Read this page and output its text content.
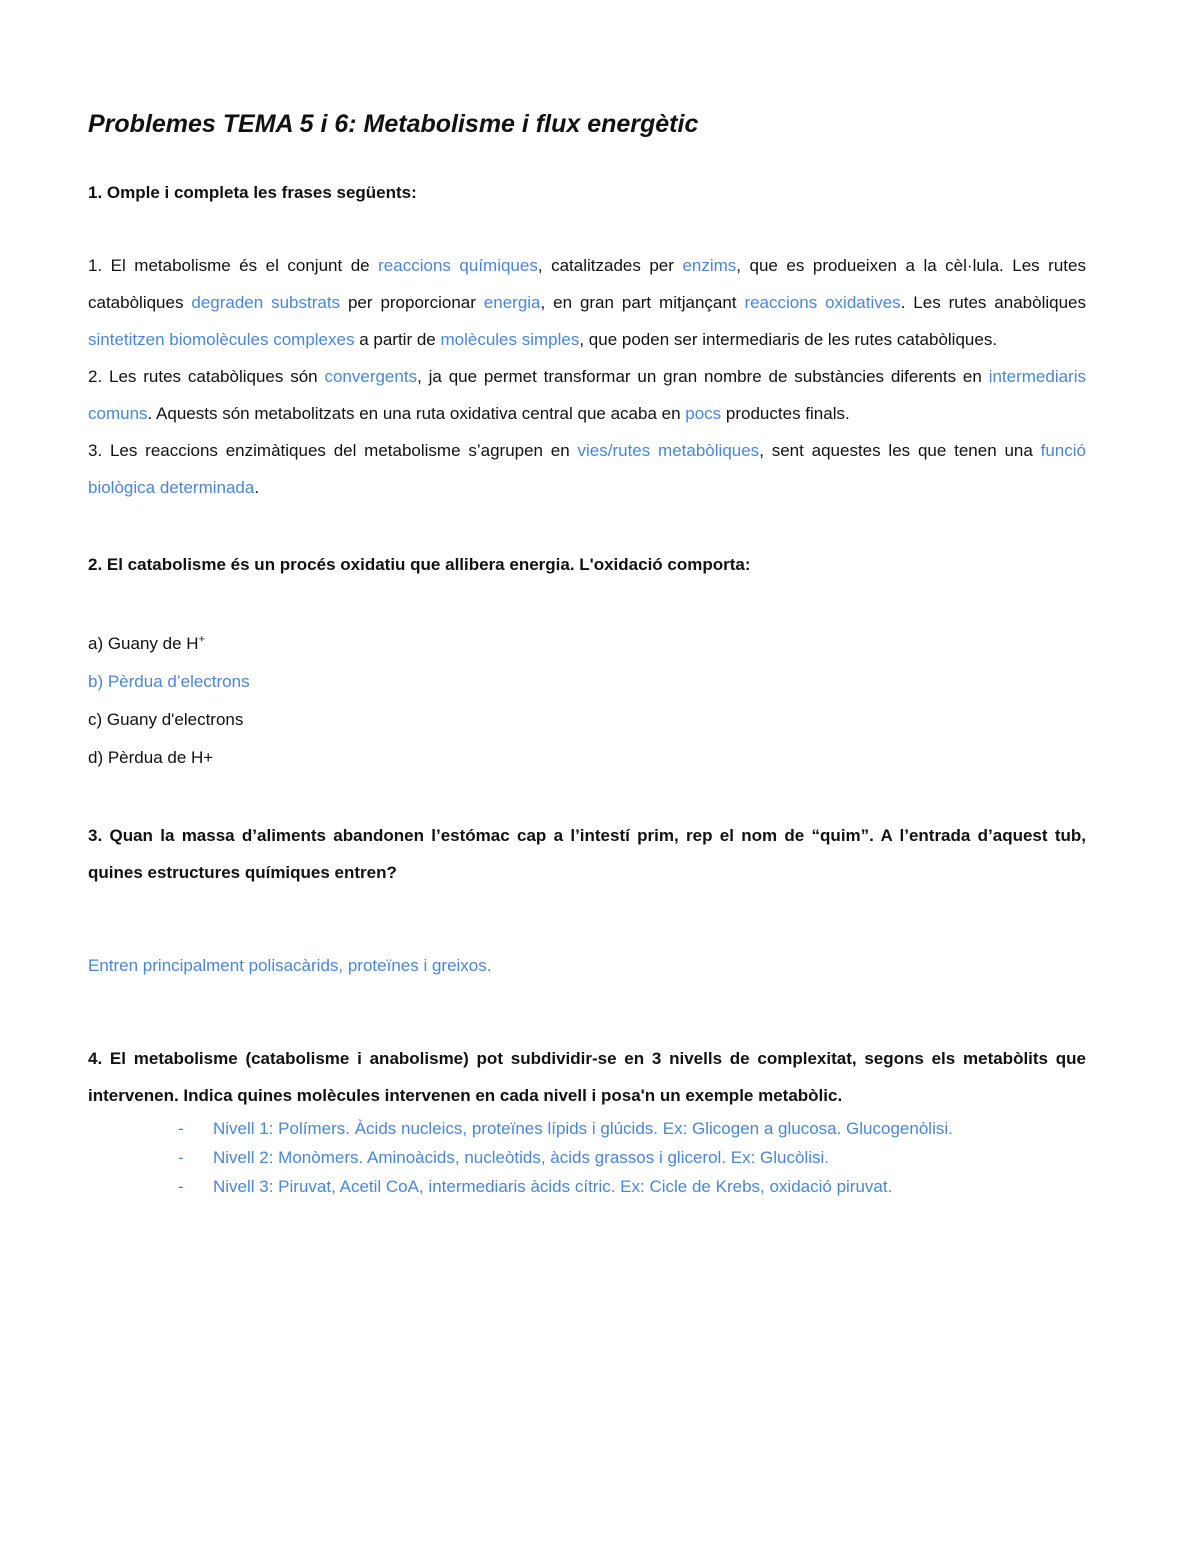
Problemes TEMA 5 i 6: Metabolisme i flux energètic

1. Omple i completa les frases següents:

1. El metabolisme és el conjunt de reaccions químiques, catalitzades per enzims, que es produeixen a la cèl·lula. Les rutes catabòliques degraden substrats per proporcionar energia, en gran part mitjançant reaccions oxidatives. Les rutes anabòliques sintetitzen biomolècules complexes a partir de molècules simples, que poden ser intermediaris de les rutes catabòliques.

2. Les rutes catabòliques són convergents, ja que permet transformar un gran nombre de substàncies diferents en intermediaris comuns. Aquests són metabolitzats en una ruta oxidativa central que acaba en pocs productes finals.

3. Les reaccions enzimàtiques del metabolisme s’agrupen en vies/rutes metabòliques, sent aquestes les que tenen una funció biològica determinada.

2. El catabolisme és un procés oxidatiu que allibera energia. L'oxidació comporta:

a) Guany de H+

b) Pèrdua d’electrons

c) Guany d'electrons

d) Pèrdua de H+

3. Quan la massa d’aliments abandonen l’estómac cap a l’intestí prim, rep el nom de “quim”. A l’entrada d’aquest tub, quines estructures químiques entren?

Entren principalment polisacàrids, proteïnes i greixos.

4. El metabolisme (catabolisme i anabolisme) pot subdividir-se en 3 nivells de complexitat, segons els metabòlits que intervenen. Indica quines molècules intervenen en cada nivell i posa'n un exemple metabòlic.

- Nivell 1: Polímers. Àcids nucleics, proteïnes lípids i glúcids. Ex: Glicogen a glucosa. Glucogenòlisi.
- Nivell 2: Monòmers. Aminoàcids, nucleòtids, àcids grassos i glicerol. Ex: Glucòlisi.
- Nivell 3: Piruvat, Acetil CoA, intermediaris àcids cítric. Ex: Cicle de Krebs, oxidació piruvat.
